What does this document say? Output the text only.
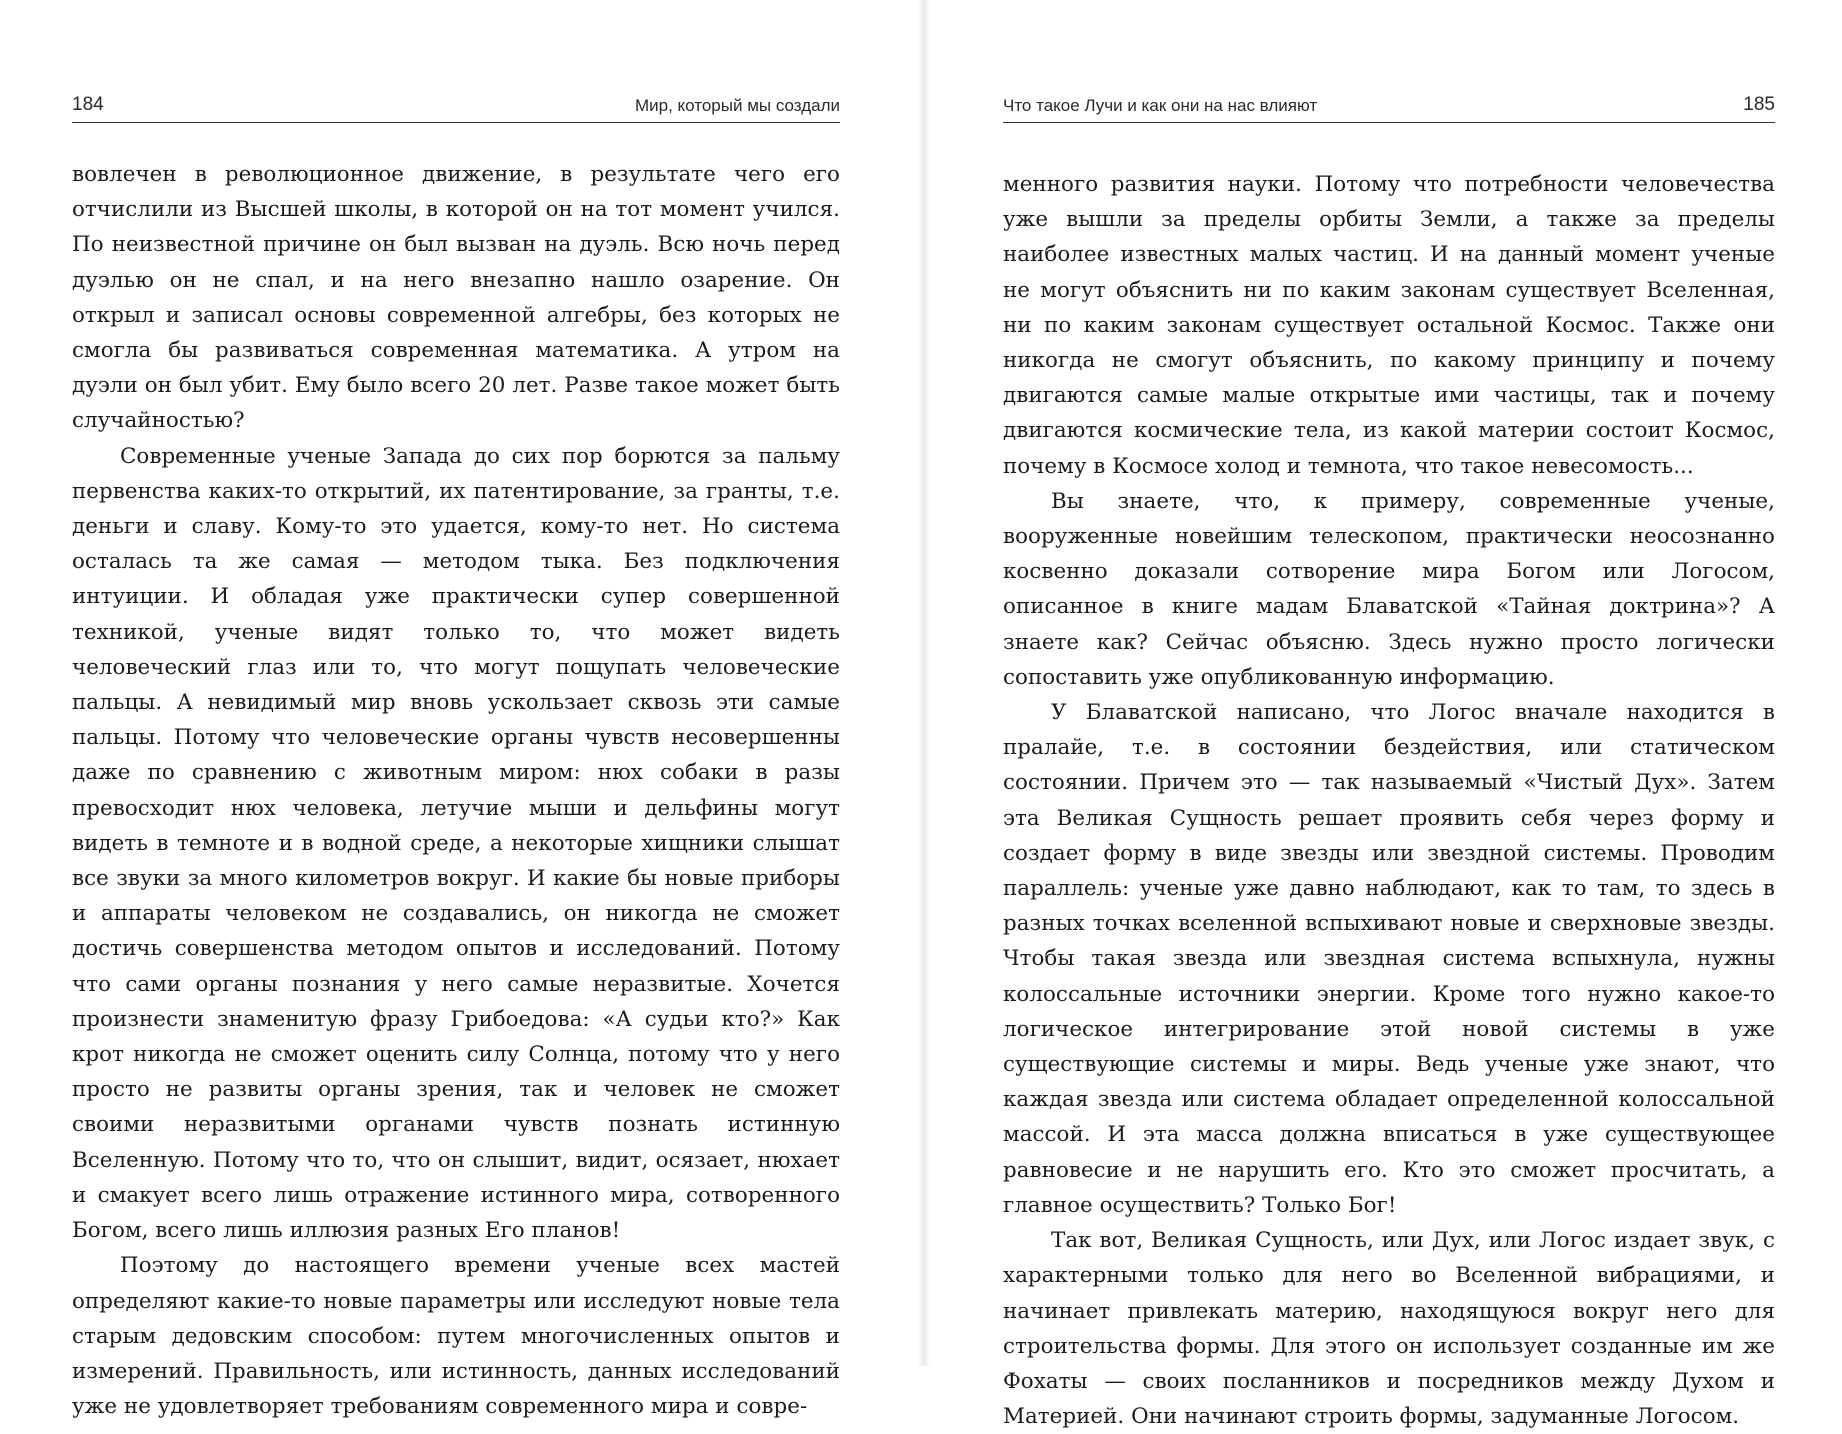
184	Мир, который мы создали

вовлечен в революционное движение, в результате чего его отчислили из Высшей школы, в которой он на тот момент учился. По неизвестной причине он был вызван на дуэль. Всю ночь перед дуэлью он не спал, и на него внезапно нашло озарение. Он открыл и записал основы современной алгебры, без которых не смогла бы развиваться современная математика. А утром на дуэли он был убит. Ему было всего 20 лет. Разве такое может быть случайностью?

Современные ученые Запада до сих пор борются за пальму первенства каких-то открытий, их патентирование, за гранты, т.е. деньги и славу. Кому-то это удается, кому-то нет. Но система осталась та же самая — методом тыка. Без подключения интуиции. И обладая уже практически супер совершенной техникой, ученые видят только то, что может видеть человеческий глаз или то, что могут пощупать человеческие пальцы. А невидимый мир вновь ускользает сквозь эти самые пальцы. Потому что человеческие органы чувств несовершенны даже по сравнению с животным миром: нюх собаки в разы превосходит нюх человека, летучие мыши и дельфины могут видеть в темноте и в водной среде, а некоторые хищники слышат все звуки за много километров вокруг. И какие бы новые приборы и аппараты человеком не создавались, он никогда не сможет достичь совершенства методом опытов и исследований. Потому что сами органы познания у него самые неразвитые. Хочется произнести знаменитую фразу Грибоедова: «А судьи кто?» Как крот никогда не сможет оценить силу Солнца, потому что у него просто не развиты органы зрения, так и человек не сможет своими неразвитыми органами чувств познать истинную Вселенную. Потому что то, что он слышит, видит, осязает, нюхает и смакует всего лишь отражение истинного мира, сотворенного Богом, всего лишь иллюзия разных Его планов!

Поэтому до настоящего времени ученые всех мастей определяют какие-то новые параметры или исследуют новые тела старым дедовским способом: путем многочисленных опытов и измерений. Правильность, или истинность, данных исследований уже не удовлетворяет требованиям современного мира и совре-

Что такое Лучи и как они на нас влияют	185

менного развития науки. Потому что потребности человечества уже вышли за пределы орбиты Земли, а также за пределы наиболее известных малых частиц. И на данный момент ученые не могут объяснить ни по каким законам существует Вселенная, ни по каким законам существует остальной Космос. Также они никогда не смогут объяснить, по какому принципу и почему двигаются самые малые открытые ими частицы, так и почему двигаются космические тела, из какой материи состоит Космос, почему в Космосе холод и темнота, что такое невесомость...

Вы знаете, что, к примеру, современные ученые, вооруженные новейшим телескопом, практически неосознанно косвенно доказали сотворение мира Богом или Логосом, описанное в книге мадам Блаватской «Тайная доктрина»? А знаете как? Сейчас объясню. Здесь нужно просто логически сопоставить уже опубликованную информацию.

У Блаватской написано, что Логос вначале находится в пралайе, т.е. в состоянии бездействия, или статическом состоянии. Причем это — так называемый «Чистый Дух». Затем эта Великая Сущность решает проявить себя через форму и создает форму в виде звезды или звездной системы. Проводим параллель: ученые уже давно наблюдают, как то там, то здесь в разных точках вселенной вспыхивают новые и сверхновые звезды. Чтобы такая звезда или звездная система вспыхнула, нужны колоссальные источники энергии. Кроме того нужно какое-то логическое интегрирование этой новой системы в уже существующие системы и миры. Ведь ученые уже знают, что каждая звезда или система обладает определенной колоссальной массой. И эта масса должна вписаться в уже существующее равновесие и не нарушить его. Кто это сможет просчитать, а главное осуществить? Только Бог!

Так вот, Великая Сущность, или Дух, или Логос издает звук, с характерными только для него во Вселенной вибрациями, и начинает привлекать материю, находящуюся вокруг него для строительства формы. Для этого он использует созданные им же Фохаты — своих посланников и посредников между Духом и Материей. Они начинают строить формы, задуманные Логосом.
